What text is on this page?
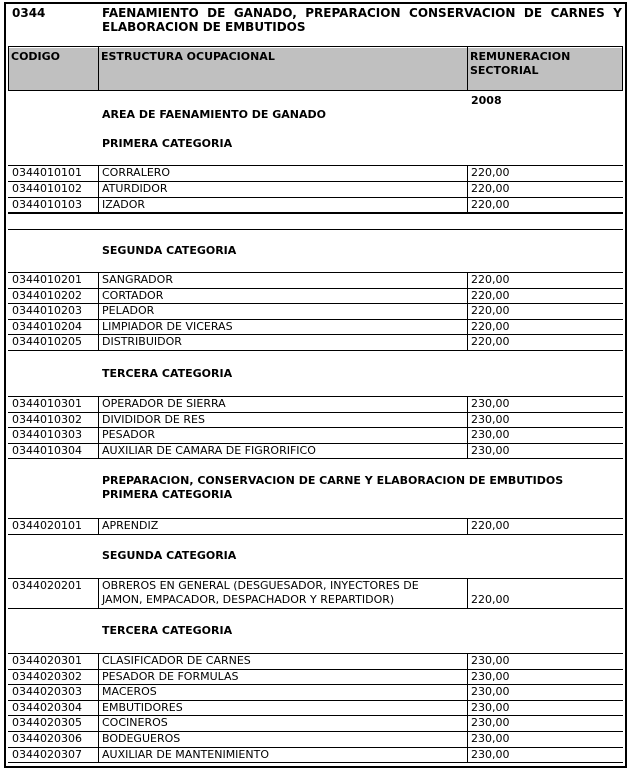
0344	FAENAMIENTO DE GANADO, PREPARACION CONSERVACION DE CARNES Y ELABORACION DE EMBUTIDOS
CODIGO	ESTRUCTURA OCUPACIONAL	REMUNERACION
SECTORIAL
2008
AREA DE FAENAMIENTO DE GANADO
PRIMERA CATEGORIA
SEGUNDA CATEGORIA
TERCERA CATEGORIA
PREPARACION, CONSERVACION DE CARNE Y ELABORACION DE EMBUTIDOS
PRIMERA CATEGORIA
SEGUNDA CATEGORIA
TERCERA CATEGORIA
0344010101 CORRALERO	220,00
0344010102 ATURDIDOR	220,00
0344010103 IZADOR	220,00
0344010201 SANGRADOR	220,00
0344010202 CORTADOR	220,00
0344010203 PELADOR	220,00
0344010204 LIMPIADOR DE VICERAS	220,00
0344010205 DISTRIBUIDOR	220,00
0344010301 OPERADOR DE SIERRA	230,00
0344010302 DIVIDIDOR DE RES	230,00
0344010303 PESADOR	230,00
0344010304 AUXILIAR DE CAMARA DE FIGRORIFICO	230,00
0344020101 APRENDIZ	220,00
0344020201 OBREROS EN GENERAL (DESGUESADOR, INYECTORES DE
JAMON, EMPACADOR, DESPACHADOR Y REPARTIDOR)	220,00
0344020301 CLASIFICADOR DE CARNES	230,00
0344020302 PESADOR DE FORMULAS	230,00
0344020303 MACEROS	230,00
0344020304 EMBUTIDORES	230,00
0344020305 COCINEROS	230,00
0344020306 BODEGUEROS	230,00
0344020307 AUXILIAR DE MANTENIMIENTO	230,00
